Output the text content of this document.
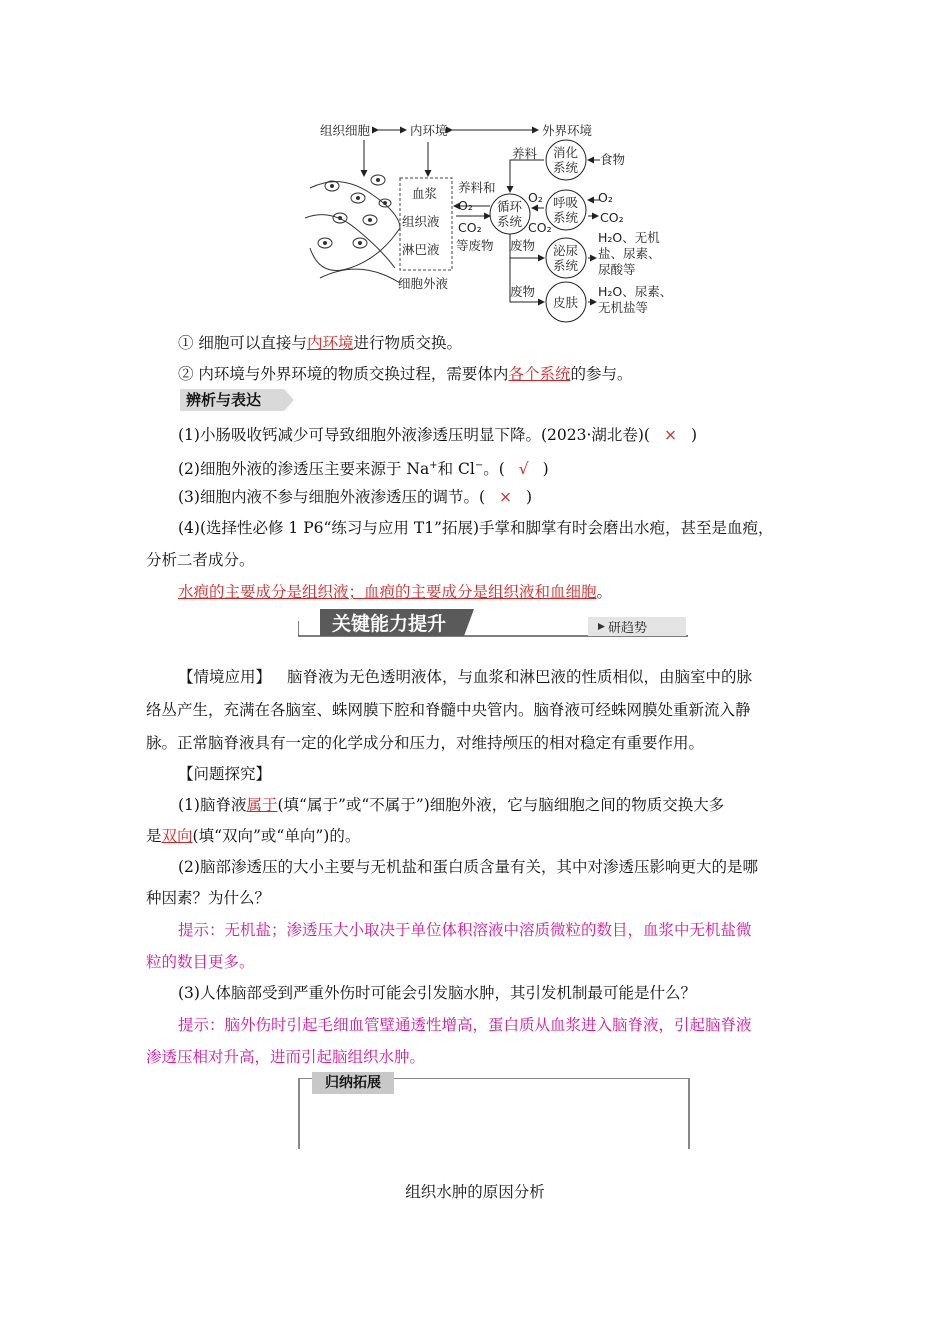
组织细胞	内环境	外界环境
血浆
组织液
淋巴液
细胞外液
养料和
O₂
CO₂
等废物
循环
系统
消化
系统
养料	食物
呼吸
系统
O₂
CO₂
O₂
CO₂
泌尿
系统
废物
H₂O、无机
盐、尿素、
尿酸等
皮肤
废物	H₂O、尿素、
无机盐等
① 细胞可以直接与内环境进行物质交换。
② 内环境与外界环境的物质交换过程，需要体内各个系统的参与。
辨析与表达
(1)小肠吸收钙减少可导致细胞外液渗透压明显下降。(2023·湖北卷)( × )
(2)细胞外液的渗透压主要来源于 Na+和 Cl−。( √ )
(3)细胞内液不参与细胞外液渗透压的调节。( × )
(4)(选择性必修 1 P6“练习与应用 T1”拓展)手掌和脚掌有时会磨出水疱，甚至是血疱，
分析二者成分。
水疱的主要成分是组织液；血疱的主要成分是组织液和血细胞。
关键能力提升	研趋势
【情境应用】 脑脊液为无色透明液体，与血浆和淋巴液的性质相似，由脑室中的脉
络丛产生，充满在各脑室、蛛网膜下腔和脊髓中央管内。脑脊液可经蛛网膜处重新流入静
脉。正常脑脊液具有一定的化学成分和压力，对维持颅压的相对稳定有重要作用。
【问题探究】
(1)脑脊液属于(填“属于”或“不属于”)细胞外液，它与脑细胞之间的物质交换大多
是双向(填“双向”或“单向”)的。
(2)脑部渗透压的大小主要与无机盐和蛋白质含量有关，其中对渗透压影响更大的是哪
种因素？为什么？
提示：无机盐；渗透压大小取决于单位体积溶液中溶质微粒的数目，血浆中无机盐微
粒的数目更多。
(3)人体脑部受到严重外伤时可能会引发脑水肿，其引发机制最可能是什么？
提示：脑外伤时引起毛细血管壁通透性增高，蛋白质从血浆进入脑脊液，引起脑脊液
渗透压相对升高，进而引起脑组织水肿。
归纳拓展
组织水肿的原因分析
